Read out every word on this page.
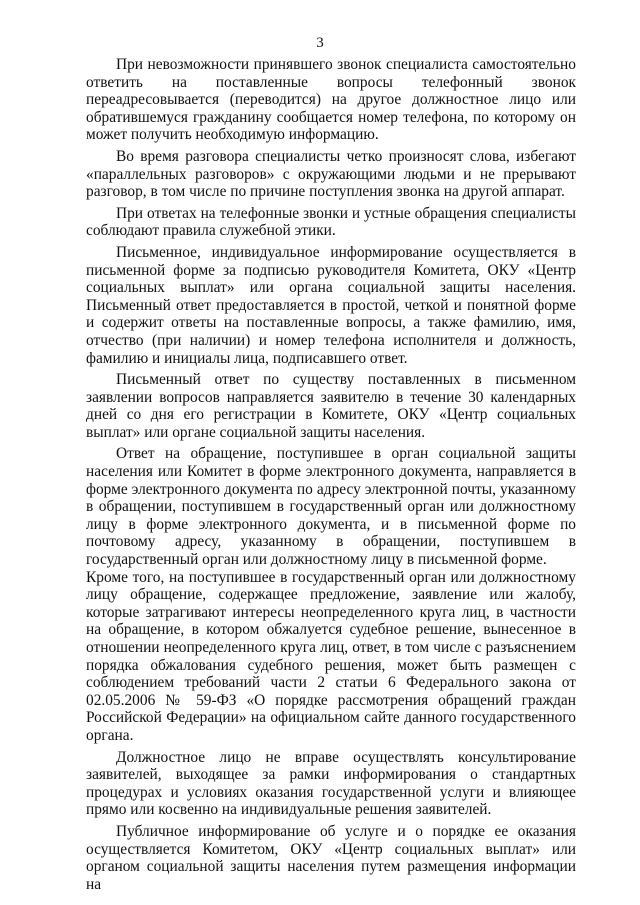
3

При невозможности принявшего звонок специалиста самостоятельно ответить на поставленные вопросы телефонный звонок переадресовывается (переводится) на другое должностное лицо или обратившемуся гражданину сообщается номер телефона, по которому он может получить необходимую информацию.

Во время разговора специалисты четко произносят слова, избегают «параллельных разговоров» с окружающими людьми и не прерывают разговор, в том числе по причине поступления звонка на другой аппарат.

При ответах на телефонные звонки и устные обращения специалисты соблюдают правила служебной этики.

Письменное, индивидуальное информирование осуществляется в письменной форме за подписью руководителя Комитета, ОКУ «Центр социальных выплат» или органа социальной защиты населения. Письменный ответ предоставляется в простой, четкой и понятной форме и содержит ответы на поставленные вопросы, а также фамилию, имя, отчество (при наличии) и номер телефона исполнителя и должность, фамилию и инициалы лица, подписавшего ответ.

Письменный ответ по существу поставленных в письменном заявлении вопросов направляется заявителю в течение 30 календарных дней со дня его регистрации в Комитете, ОКУ «Центр социальных выплат» или органе социальной защиты населения.

Ответ на обращение, поступившее в орган социальной защиты населения или Комитет в форме электронного документа, направляется в форме электронного документа по адресу электронной почты, указанному в обращении, поступившем в государственный орган или должностному лицу в форме электронного документа, и в письменной форме по почтовому адресу, указанному в обращении, поступившем в государственный орган или должностному лицу в письменной форме.

Кроме того, на поступившее в государственный орган или должностному лицу обращение, содержащее предложение, заявление или жалобу, которые затрагивают интересы неопределенного круга лиц, в частности на обращение, в котором обжалуется судебное решение, вынесенное в отношении неопределенного круга лиц, ответ, в том числе с разъяснением порядка обжалования судебного решения, может быть размещен с соблюдением требований части 2 статьи 6 Федерального закона от 02.05.2006 № 59-ФЗ «О порядке рассмотрения обращений граждан Российской Федерации» на официальном сайте данного государственного органа.

Должностное лицо не вправе осуществлять консультирование заявителей, выходящее за рамки информирования о стандартных процедурах и условиях оказания государственной услуги и влияющее прямо или косвенно на индивидуальные решения заявителей.

Публичное информирование об услуге и о порядке ее оказания осуществляется Комитетом, ОКУ «Центр социальных выплат» или органом социальной защиты населения путем размещения информации на
